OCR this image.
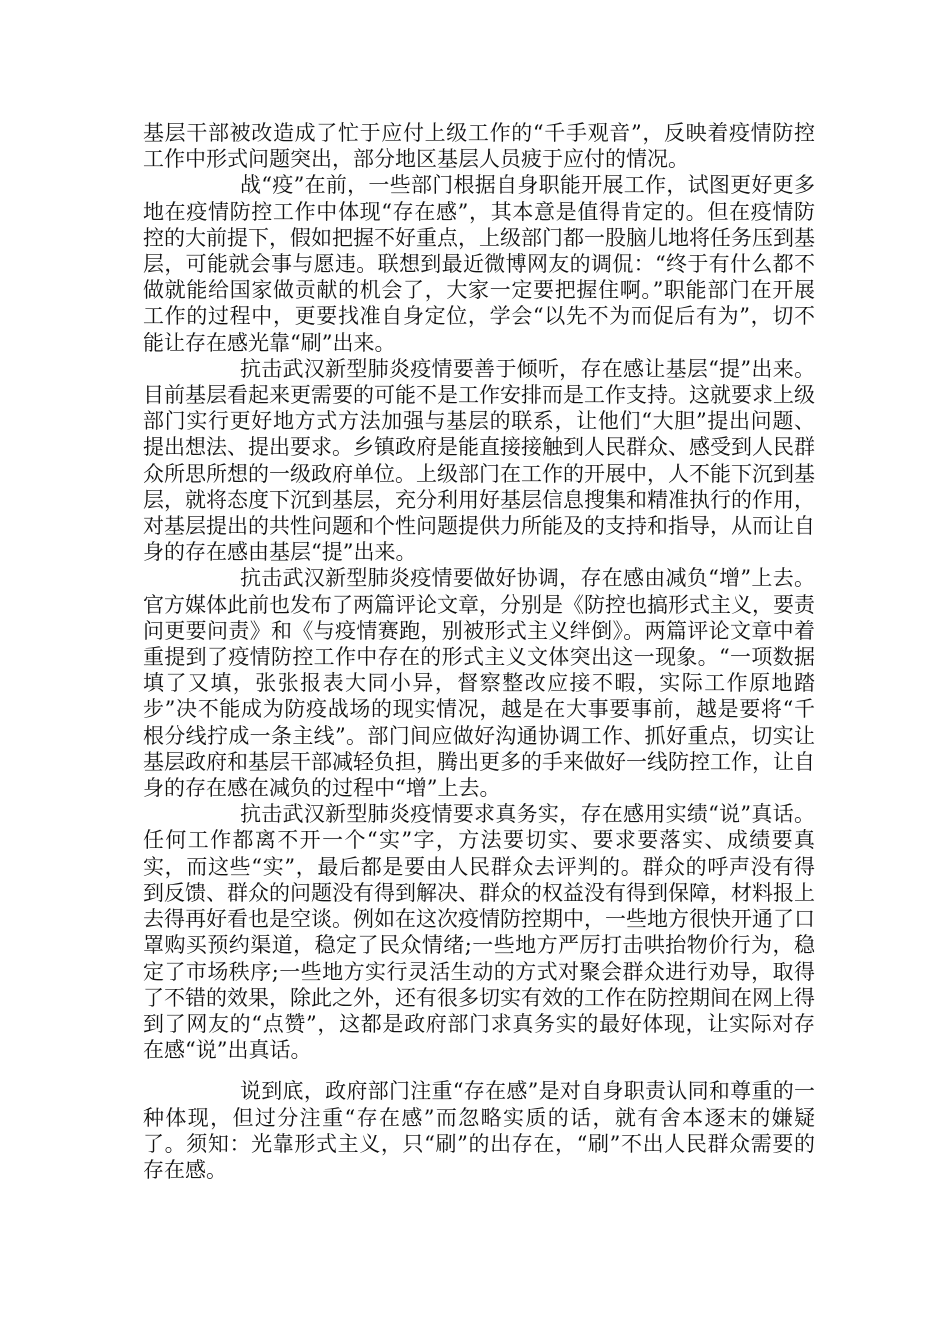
基层干部被改造成了忙于应付上级工作的“千手观音”，反映着疫情防控工作中形式问题突出，部分地区基层人员疲于应付的情况。

战“疫”在前，一些部门根据自身职能开展工作，试图更好更多地在疫情防控工作中体现“存在感”，其本意是值得肯定的。但在疫情防控的大前提下，假如把握不好重点，上级部门都一股脑儿地将任务压到基层，可能就会事与愿违。联想到最近微博网友的调侃：“终于有什么都不做就能给国家做贡献的机会了，大家一定要把握住啊。”职能部门在开展工作的过程中，更要找准自身定位，学会“以先不为而促后有为”，切不能让存在感光靠“刷”出来。

抗击武汉新型肺炎疫情要善于倾听，存在感让基层“提”出来。目前基层看起来更需要的可能不是工作安排而是工作支持。这就要求上级部门实行更好地方式方法加强与基层的联系，让他们“大胆”提出问题、提出想法、提出要求。乡镇政府是能直接接触到人民群众、感受到人民群众所思所想的一级政府单位。上级部门在工作的开展中，人不能下沉到基层，就将态度下沉到基层，充分利用好基层信息搜集和精准执行的作用，对基层提出的共性问题和个性问题提供力所能及的支持和指导，从而让自身的存在感由基层“提”出来。

抗击武汉新型肺炎疫情要做好协调，存在感由减负“增”上去。官方媒体此前也发布了两篇评论文章，分别是《防控也搞形式主义，要责问更要问责》和《与疫情赛跑，别被形式主义绊倒》。两篇评论文章中着重提到了疫情防控工作中存在的形式主义文体突出这一现象。“一项数据填了又填，张张报表大同小异，督察整改应接不暇，实际工作原地踏步”决不能成为防疫战场的现实情况，越是在大事要事前，越是要将“千根分线拧成一条主线”。部门间应做好沟通协调工作、抓好重点，切实让基层政府和基层干部减轻负担，腾出更多的手来做好一线防控工作，让自身的存在感在减负的过程中“增”上去。

抗击武汉新型肺炎疫情要求真务实，存在感用实绩“说”真话。任何工作都离不开一个“实”字，方法要切实、要求要落实、成绩要真实，而这些“实”，最后都是要由人民群众去评判的。群众的呼声没有得到反馈、群众的问题没有得到解决、群众的权益没有得到保障，材料报上去得再好看也是空谈。例如在这次疫情防控期中，一些地方很快开通了口罩购买预约渠道，稳定了民众情绪;一些地方严厉打击哄抬物价行为，稳定了市场秩序;一些地方实行灵活生动的方式对聚会群众进行劝导，取得了不错的效果，除此之外，还有很多切实有效的工作在防控期间在网上得到了网友的“点赞”，这都是政府部门求真务实的最好体现，让实际对存在感“说”出真话。

说到底，政府部门注重“存在感”是对自身职责认同和尊重的一种体现，但过分注重“存在感”而忽略实质的话，就有舍本逐末的嫌疑了。须知：光靠形式主义，只“刷”的出存在，“刷”不出人民群众需要的存在感。
